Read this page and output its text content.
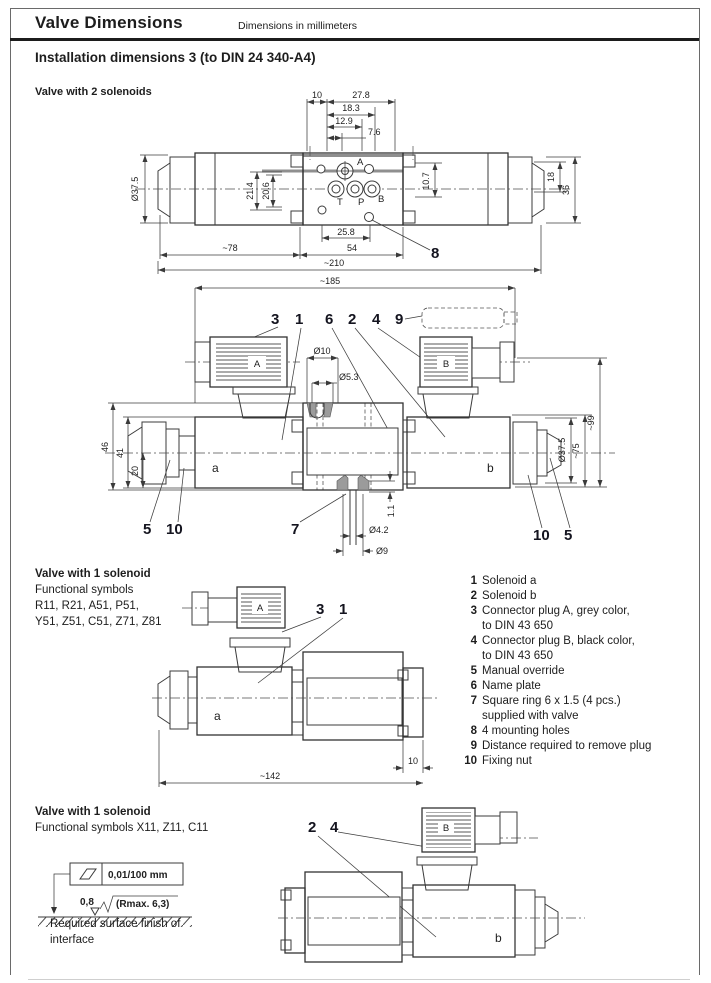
Valve Dimensions	Dimensions in millimeters
Installation dimensions 3 (to DIN 24 340-A4)
Valve with 2 solenoids
A
T P B
10	27.8
18.3
12.9
7.6
Ø37.5	21.4 20.6
10.7	18
36
25.8
~78	54
~210
8
~185
3 1 6 2 4 9
A	B
a	b
Ø10
Ø5.3
46
41
20
~99
~75
Ø37.5
1.1
Ø4.2
Ø9
5 10	7	10 5
Valve with 1 solenoid
Functional symbols
R11, R21, A51, P51,
Y51, Z51, C51, Z71, Z81
1 Solenoid a
2 Solenoid b
3 Connector plug A, grey color,
to DIN 43 650
4 Connector plug B, black color,
to DIN 43 650
5 Manual override
6 Name plate
7 Square ring 6 x 1.5 (4 pcs.)
supplied with valve
8 4 mounting holes
9 Distance required to remove plug
10 Fixing nut
A	3 1
a
10
~142
Valve with 1 solenoid
Functional symbols X11, Z11, C11
0,01/100 mm
0,8 (Rmax. 6,3)
Required surface finish of
interface
2 4	B
b
